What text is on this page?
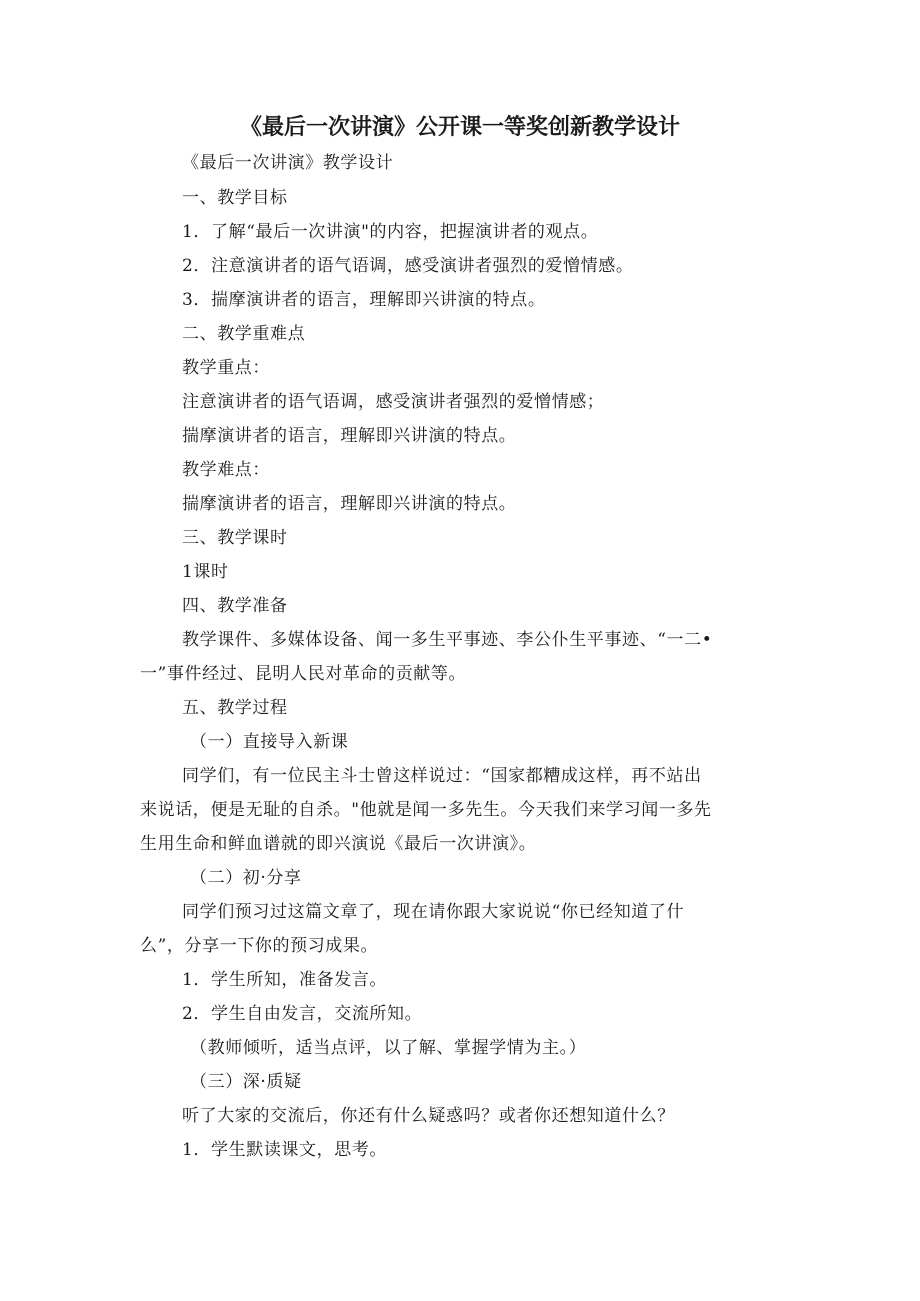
《最后一次讲演》公开课一等奖创新教学设计
《最后一次讲演》教学设计
一、教学目标
1．了解“最后一次讲演"的内容，把握演讲者的观点。
2．注意演讲者的语气语调，感受演讲者强烈的爱憎情感。
3．揣摩演讲者的语言，理解即兴讲演的特点。
二、教学重难点
教学重点：
注意演讲者的语气语调，感受演讲者强烈的爱憎情感；
揣摩演讲者的语言，理解即兴讲演的特点。
教学难点：
揣摩演讲者的语言，理解即兴讲演的特点。
三、教学课时
1课时
四、教学准备
教学课件、多媒体设备、闻一多生平事迹、李公仆生平事迹、“一二•
一”事件经过、昆明人民对革命的贡献等。
五、教学过程
（一）直接导入新课
同学们，有一位民主斗士曾这样说过：“国家都糟成这样，再不站出
来说话，便是无耻的自杀。"他就是闻一多先生。今天我们来学习闻一多先
生用生命和鲜血谱就的即兴演说《最后一次讲演》。
（二）初·分享
同学们预习过这篇文章了，现在请你跟大家说说“你已经知道了什
么”，分享一下你的预习成果。
1．学生所知，准备发言。
2．学生自由发言，交流所知。
（教师倾听，适当点评，以了解、掌握学情为主。）
（三）深·质疑
听了大家的交流后，你还有什么疑惑吗？或者你还想知道什么？
1．学生默读课文，思考。
